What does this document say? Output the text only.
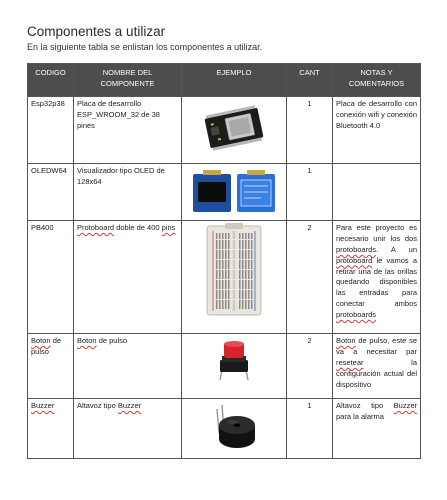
Componentes a utilizar

En la siguiente tabla se enlistan los componentes a utilizar.

CODIGO	NOMBRE DEL COMPONENTE	EJEMPLO	CANT	NOTAS Y COMENTARIOS
Esp32p38	Placa de desarrollo ESP_WROOM_32 de 38 pines		1	Placa de desarrollo con conexión wifi y conexión Bluetooth 4.0
OLEDW64	Visualizador tipo OLED de 128x64		1	
PB400	Protoboard doble de 400 pins		2	Para este proyecto es necesario unir los dos protoboards. A un protoboard le vamos a retirar una de las orillas quedando disponibles las entradas para conectar ambos protoboards
Boton de pulso	Boton de pulso		2	Boton de pulso, este se va a necesitar par resetear la configuración actual del dispositivo
Buzzer	Altavoz tipo Buzzer		1	Altavoz tipo Buzzer para la alarma
